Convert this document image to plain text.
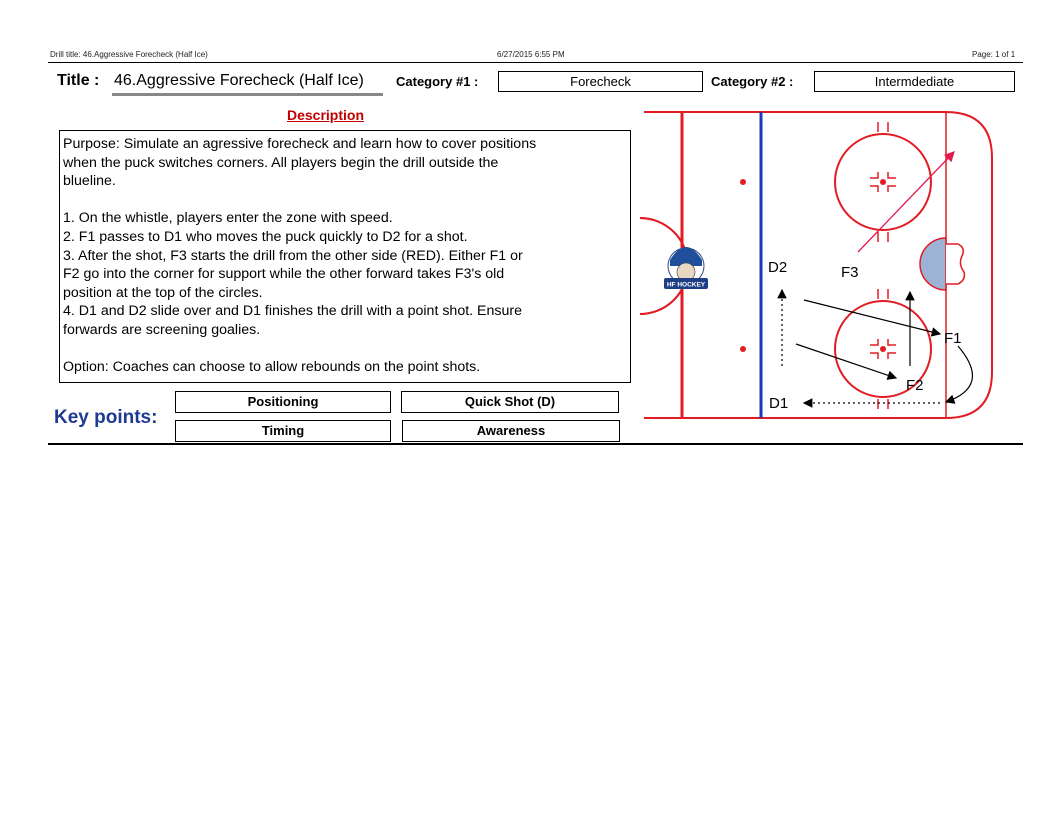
Drill title: 46.Aggressive Forecheck (Half Ice)	6/27/2015 6:55 PM	Page: 1 of 1
Title : 46.Aggressive Forecheck (Half Ice) Category #1 :	Forecheck	Category #2 :	Intermdediate
Description

Purpose: Simulate an agressive forecheck and learn how to cover positions

when the puck switches corners. All players begin the drill outside the

blueline.

1. On the whistle, players enter the zone with speed.

2. F1 passes to D1 who moves the puck quickly to D2 for a shot.

3. After the shot, F3 starts the drill from the other side (RED). Either F1 or

F2 go into the corner for support while the other forward takes F3's old

position at the top of the circles.

4. D1 and D2 slide over and D1 finishes the drill with a point shot. Ensure

forwards are screening goalies.

Option: Coaches can choose to allow rebounds on the point shots.

Key points:
Positioning	Quick Shot (D)
Timing	Awareness
HF HOCKEY
D2	F3
F1
F2
D1
